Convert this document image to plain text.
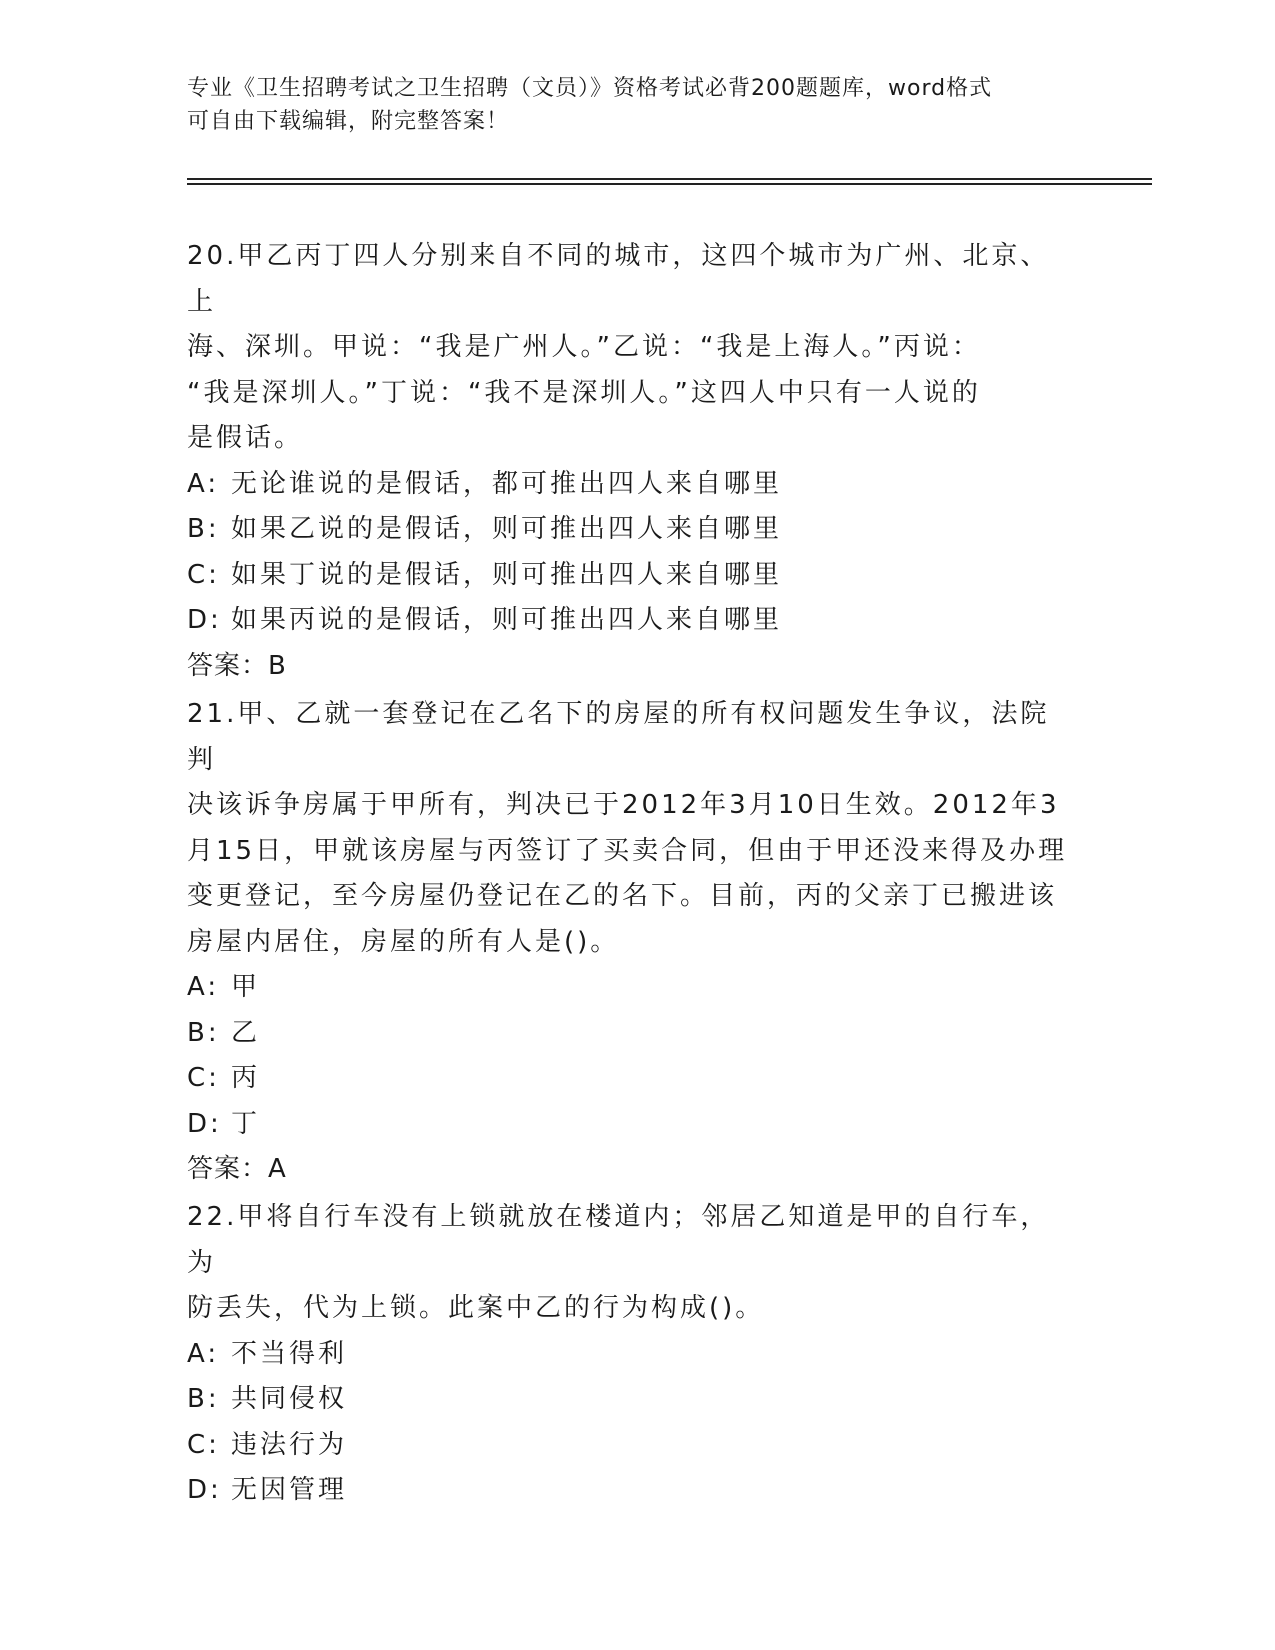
专业《卫生招聘考试之卫生招聘（文员）》资格考试必背200题题库，word格式
可自由下载编辑，附完整答案！

20.甲乙丙丁四人分别来自不同的城市，这四个城市为广州、北京、上

海、深圳。甲说：“我是广州人。”乙说：“我是上海人。”丙说：

“我是深圳人。”丁说：“我不是深圳人。”这四人中只有一人说的

是假话。

A: 无论谁说的是假话，都可推出四人来自哪里
B: 如果乙说的是假话，则可推出四人来自哪里
C: 如果丁说的是假话，则可推出四人来自哪里
D: 如果丙说的是假话，则可推出四人来自哪里

答案：B

21.甲、乙就一套登记在乙名下的房屋的所有权问题发生争议，法院判

决该诉争房属于甲所有，判决已于2012年3月10日生效。2012年3

月15日，甲就该房屋与丙签订了买卖合同，但由于甲还没来得及办理

变更登记，至今房屋仍登记在乙的名下。目前，丙的父亲丁已搬进该

房屋内居住，房屋的所有人是()。

A: 甲
B: 乙
C: 丙
D: 丁

答案：A

22.甲将自行车没有上锁就放在楼道内；邻居乙知道是甲的自行车，为

防丢失，代为上锁。此案中乙的行为构成()。

A: 不当得利
B: 共同侵权
C: 违法行为
D: 无因管理
